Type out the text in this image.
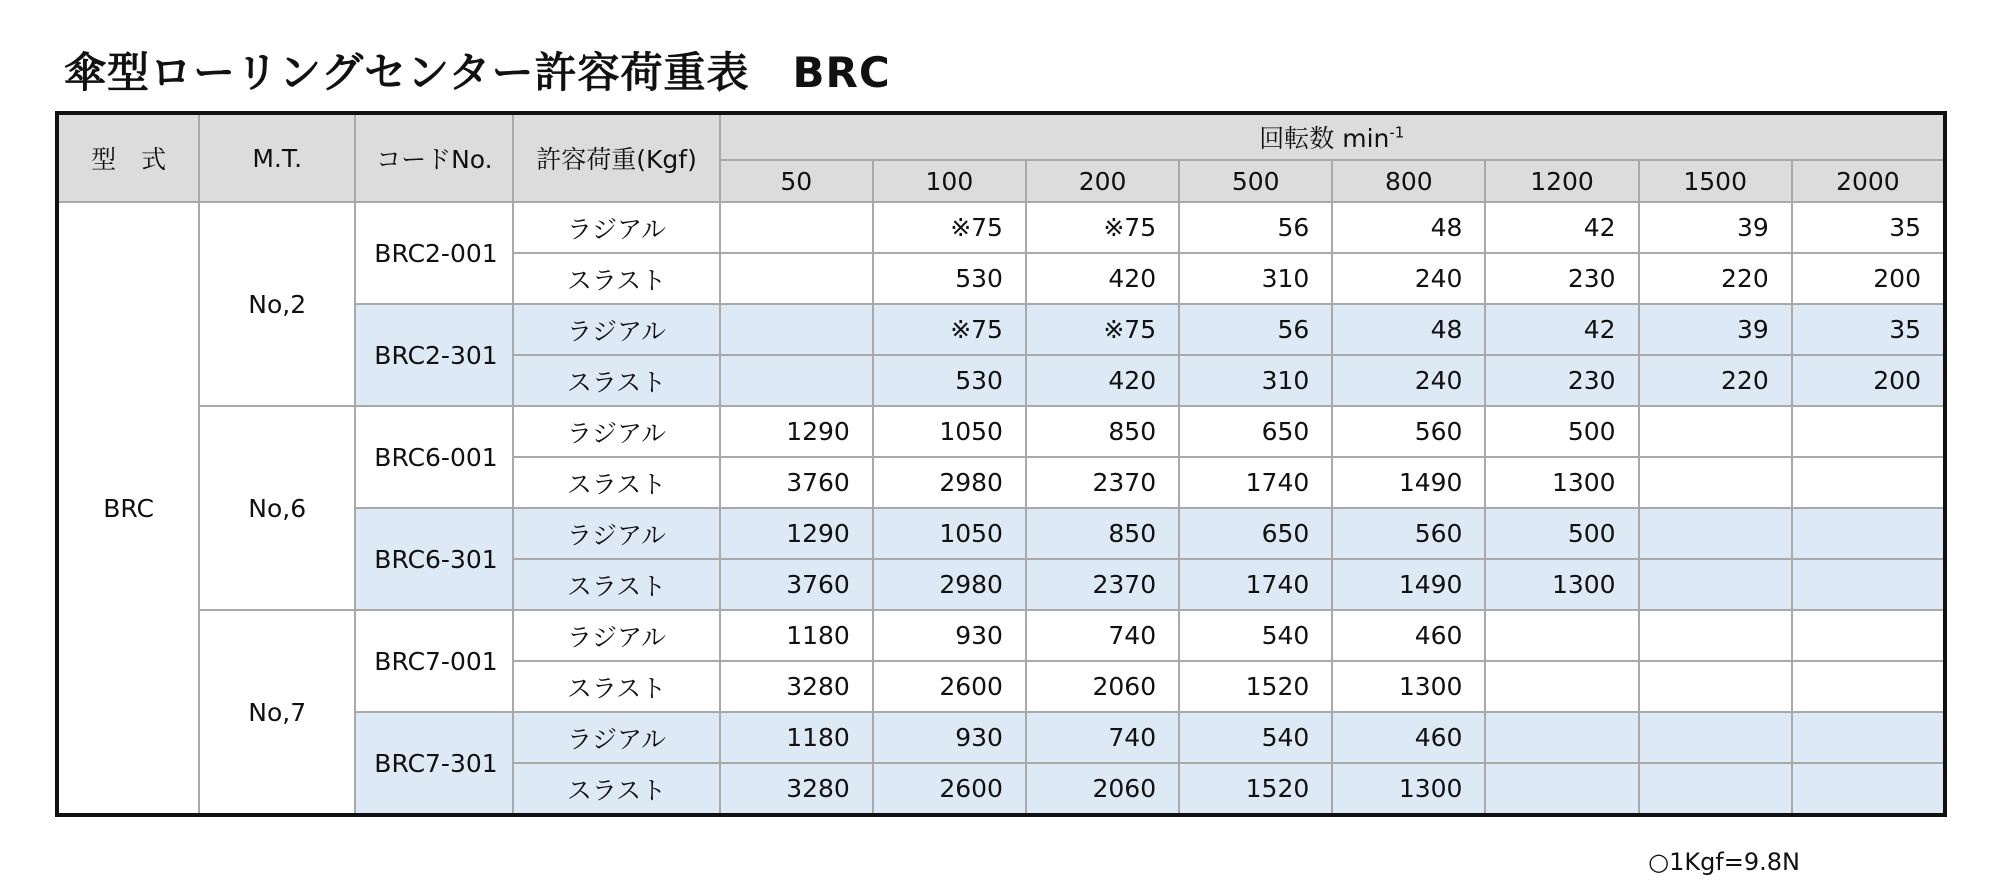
傘型ローリングセンター許容荷重表　BRC
型　式	M.T.	コードNo.	許容荷重(Kgf)	回転数 $\min^{-1}$
				50	100	200	500	800	1200	1500	2000
BRC	No,2	BRC2-001	ラジアル		※75	※75	56	48	42	39	35
			スラスト		530	420	310	240	230	220	200
		BRC2-301	ラジアル		※75	※75	56	48	42	39	35
			スラスト		530	420	310	240	230	220	200
	No,6	BRC6-001	ラジアル	1290	1050	850	650	560	500		
			スラスト	3760	2980	2370	1740	1490	1300		
		BRC6-301	ラジアル	1290	1050	850	650	560	500		
			スラスト	3760	2980	2370	1740	1490	1300		
	No,7	BRC7-001	ラジアル	1180	930	740	540	460			
			スラスト	3280	2600	2060	1520	1300			
		BRC7-301	ラジアル	1180	930	740	540	460			
			スラスト	3280	2600	2060	1520	1300			
○1Kgf=9.8N
